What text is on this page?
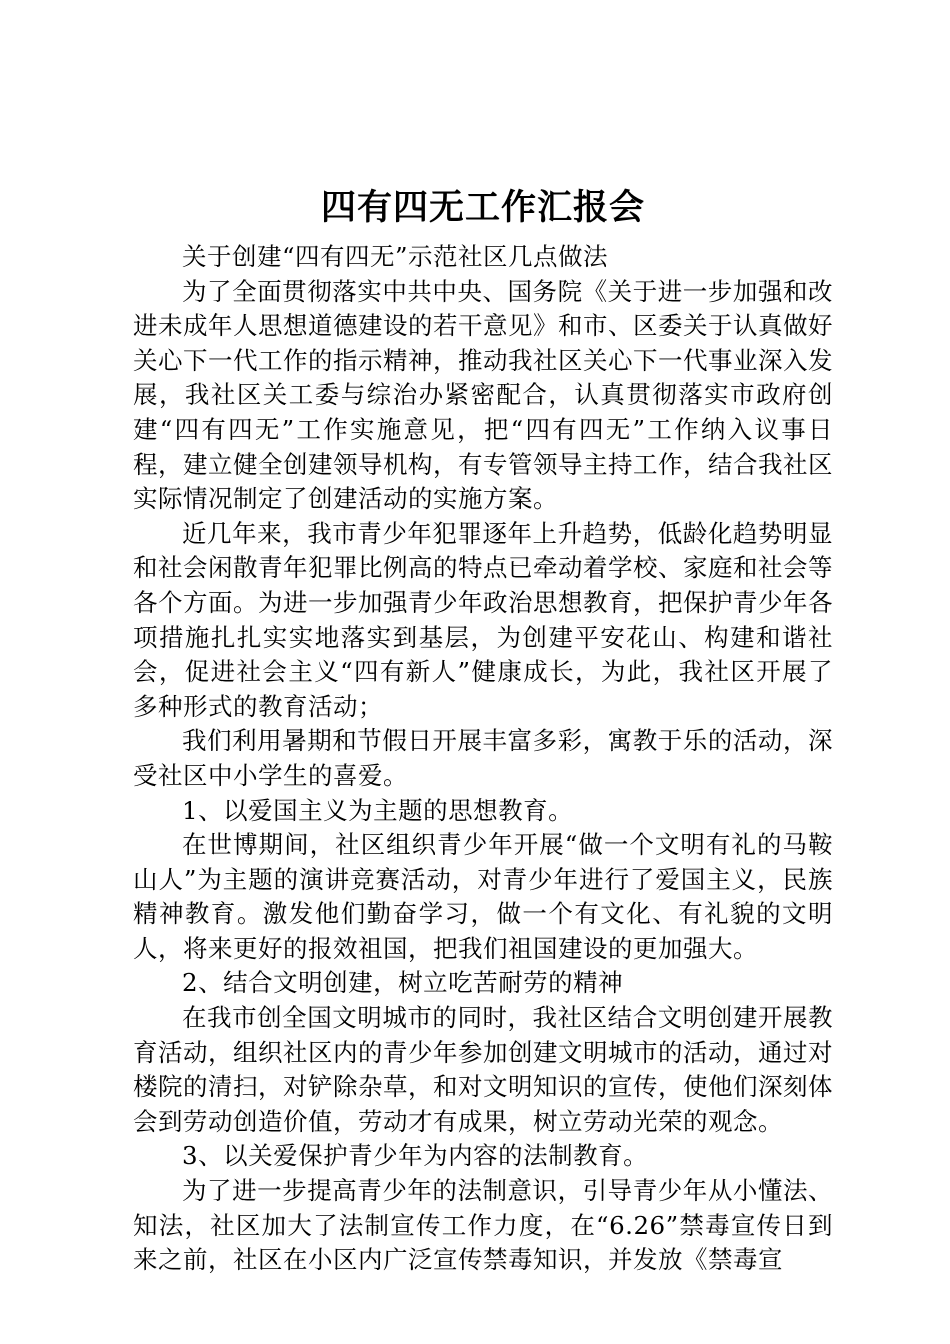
四有四无工作汇报会

关于创建“四有四无”示范社区几点做法

为了全面贯彻落实中共中央、国务院《关于进一步加强和改进未成年人思想道德建设的若干意见》和市、区委关于认真做好关心下一代工作的指示精神，推动我社区关心下一代事业深入发展，我社区关工委与综治办紧密配合，认真贯彻落实市政府创建“四有四无”工作实施意见，把“四有四无”工作纳入议事日程，建立健全创建领导机构，有专管领导主持工作，结合我社区实际情况制定了创建活动的实施方案。

近几年来，我市青少年犯罪逐年上升趋势，低龄化趋势明显和社会闲散青年犯罪比例高的特点已牵动着学校、家庭和社会等各个方面。为进一步加强青少年政治思想教育，把保护青少年各项措施扎扎实实地落实到基层，为创建平安花山、构建和谐社会，促进社会主义“四有新人”健康成长，为此，我社区开展了多种形式的教育活动；

我们利用暑期和节假日开展丰富多彩，寓教于乐的活动，深受社区中小学生的喜爱。

1、以爱国主义为主题的思想教育。

在世博期间，社区组织青少年开展“做一个文明有礼的马鞍山人”为主题的演讲竞赛活动，对青少年进行了爱国主义，民族精神教育。激发他们勤奋学习，做一个有文化、有礼貌的文明人，将来更好的报效祖国，把我们祖国建设的更加强大。

2、结合文明创建，树立吃苦耐劳的精神

在我市创全国文明城市的同时，我社区结合文明创建开展教育活动，组织社区内的青少年参加创建文明城市的活动，通过对楼院的清扫，对铲除杂草，和对文明知识的宣传，使他们深刻体会到劳动创造价值，劳动才有成果，树立劳动光荣的观念。

3、以关爱保护青少年为内容的法制教育。

为了进一步提高青少年的法制意识，引导青少年从小懂法、知法，社区加大了法制宣传工作力度，在“6.26”禁毒宣传日到来之前，社区在小区内广泛宣传禁毒知识，并发放《禁毒宣
